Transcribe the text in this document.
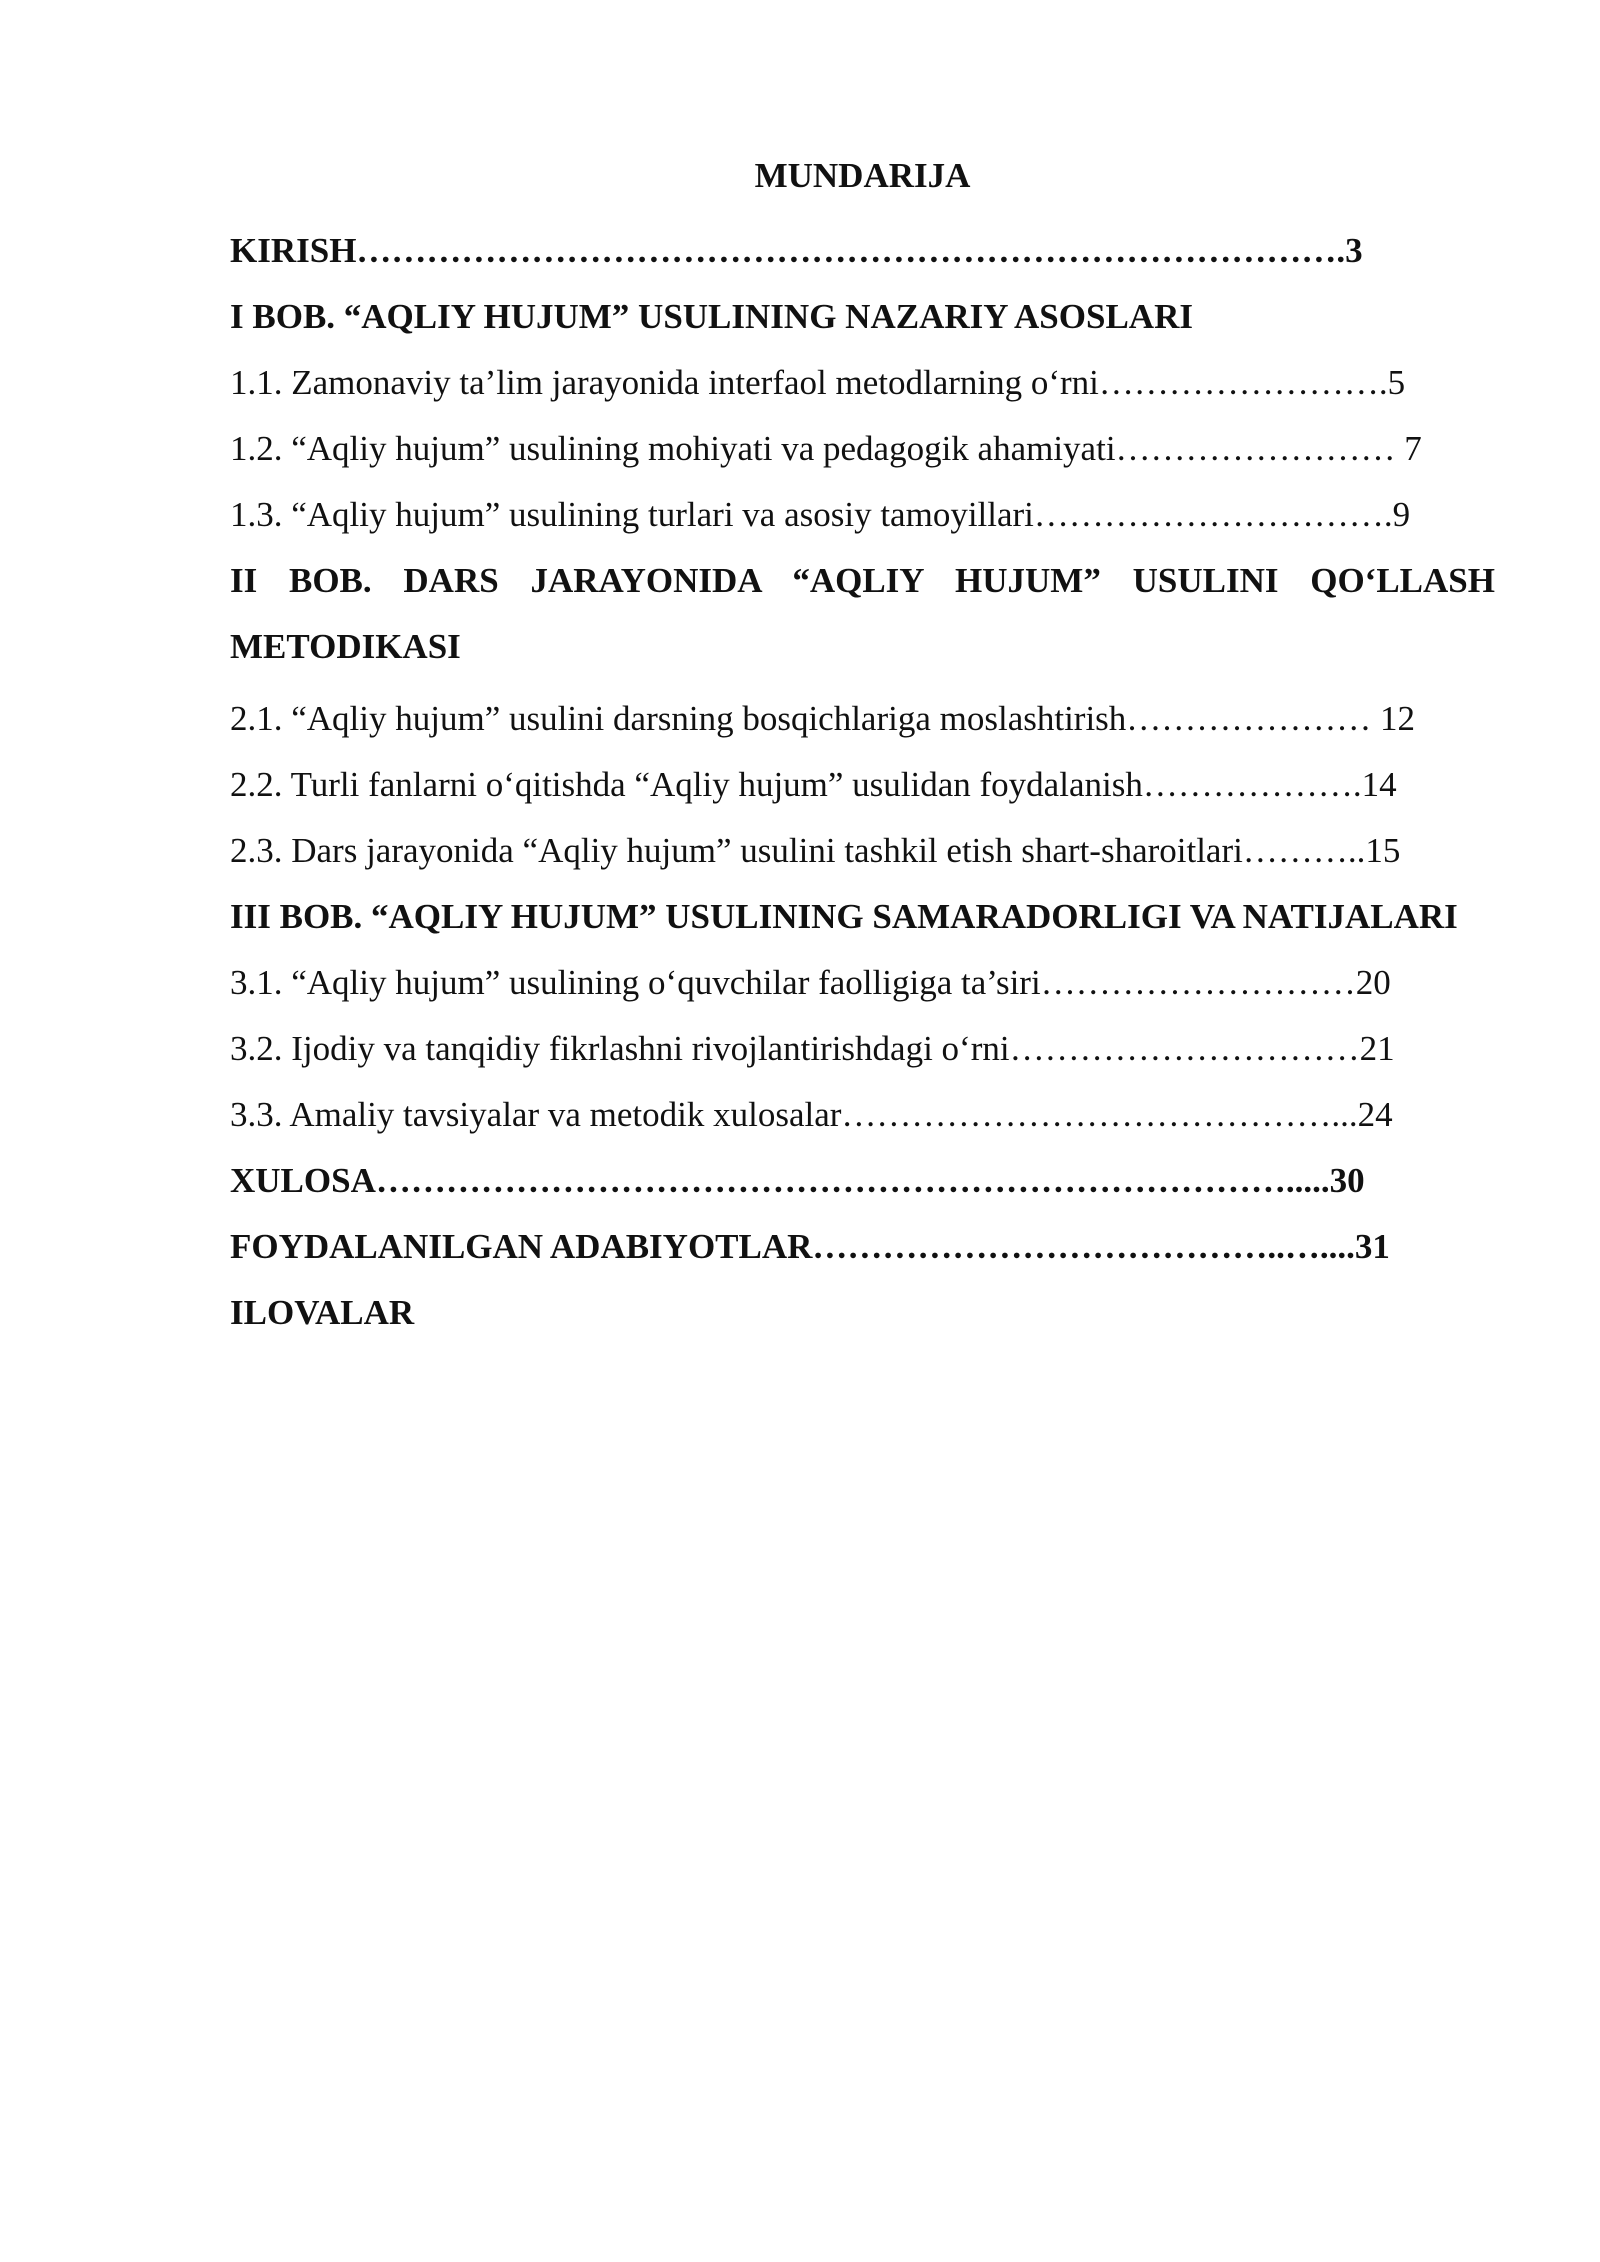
MUNDARIJA
KIRISH………………………………………………………………………….3
I BOB. “AQLIY HUJUM” USULINING NAZARIY ASOSLARI
1.1. Zamonaviy ta’lim jarayonida interfaol metodlarning o‘rni…………………….5
1.2. “Aqliy hujum” usulining mohiyati va pedagogik ahamiyati…………………… 7
1.3. “Aqliy hujum” usulining turlari va asosiy tamoyillari………………………….9
II BOB. DARS JARAYONIDA “AQLIY HUJUM” USULINI QO‘LLASH METODIKASI
2.1. “Aqliy hujum” usulini darsning bosqichlariga moslashtirish………………… 12
2.2. Turli fanlarni o‘qitishda “Aqliy hujum” usulidan foydalanish……………….14
2.3. Dars jarayonida “Aqliy hujum” usulini tashkil etish shart-sharoitlari………..15
III BOB. “AQLIY HUJUM” USULINING SAMARADORLIGI VA NATIJALARI
3.1. “Aqliy hujum” usulining o‘quvchilar faolligiga ta’siri………………………20
3.2. Ijodiy va tanqidiy fikrlashni rivojlantirishdagi o‘rni…………………………21
3.3. Amaliy tavsiyalar va metodik xulosalar……………………………………...24
XULOSA…………………………………………………………………….....30
FOYDALANILGAN ADABIYOTLAR…………………………………..…....31
ILOVALAR
